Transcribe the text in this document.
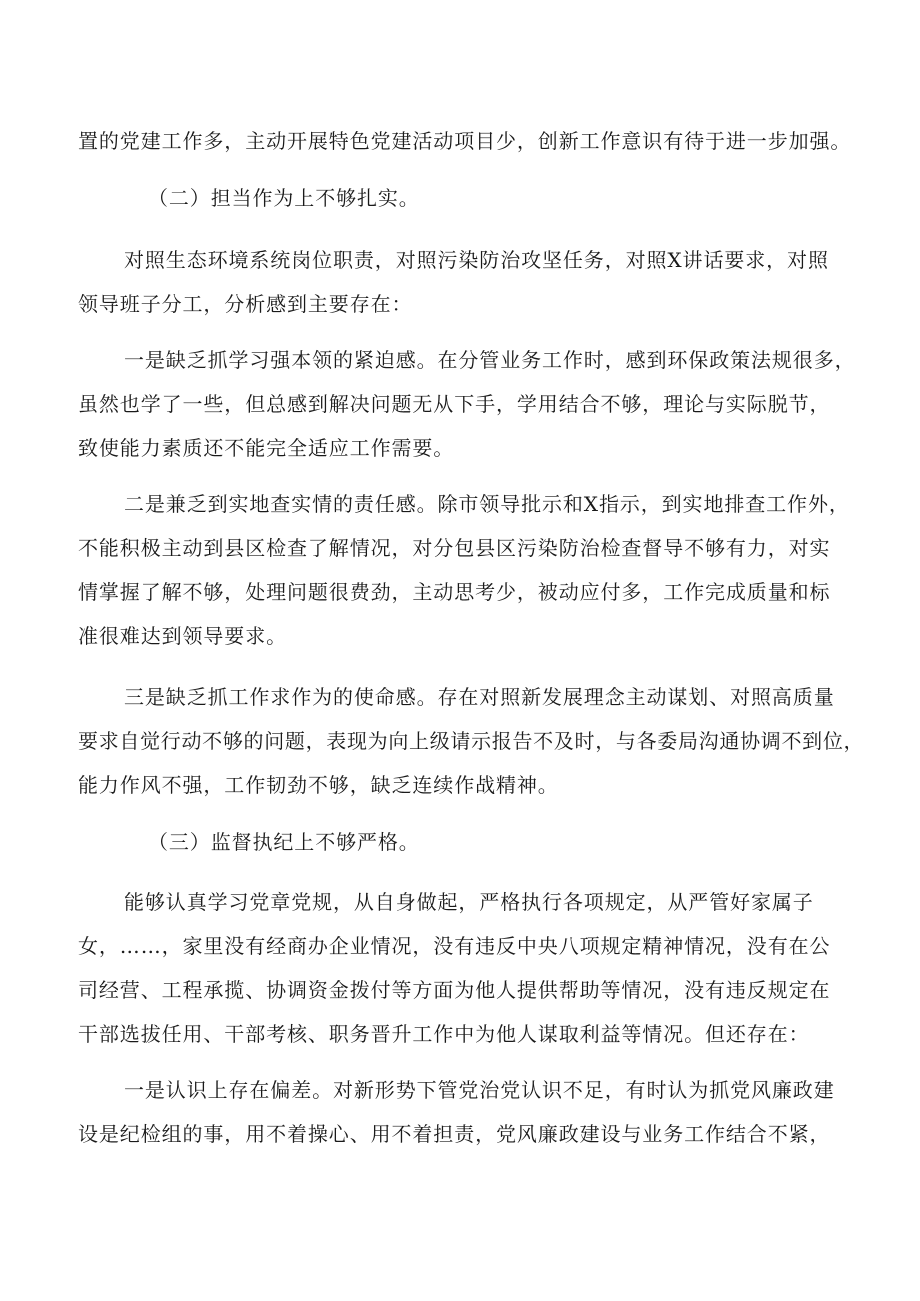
置的党建工作多，主动开展特色党建活动项目少，创新工作意识有待于进一步加强。
（二）担当作为上不够扎实。
对照生态环境系统岗位职责，对照污染防治攻坚任务，对照X讲话要求，对照
领导班子分工，分析感到主要存在：
一是缺乏抓学习强本领的紧迫感。在分管业务工作时，感到环保政策法规很多，
虽然也学了一些，但总感到解决问题无从下手，学用结合不够，理论与实际脱节，
致使能力素质还不能完全适应工作需要。
二是兼乏到实地查实情的责任感。除市领导批示和X指示，到实地排查工作外，
不能积极主动到县区检查了解情况，对分包县区污染防治检查督导不够有力，对实
情掌握了解不够，处理问题很费劲，主动思考少，被动应付多，工作完成质量和标
准很难达到领导要求。
三是缺乏抓工作求作为的使命感。存在对照新发展理念主动谋划、对照高质量
要求自觉行动不够的问题，表现为向上级请示报告不及时，与各委局沟通协调不到位，
能力作风不强，工作韧劲不够，缺乏连续作战精神。
（三）监督执纪上不够严格。
能够认真学习党章党规，从自身做起，严格执行各项规定，从严管好家属子
女，……，家里没有经商办企业情况，没有违反中央八项规定精神情况，没有在公
司经营、工程承揽、协调资金拨付等方面为他人提供帮助等情况，没有违反规定在
干部选拔任用、干部考核、职务晋升工作中为他人谋取利益等情况。但还存在：
一是认识上存在偏差。对新形势下管党治党认识不足，有时认为抓党风廉政建
设是纪检组的事，用不着操心、用不着担责，党风廉政建设与业务工作结合不紧，
